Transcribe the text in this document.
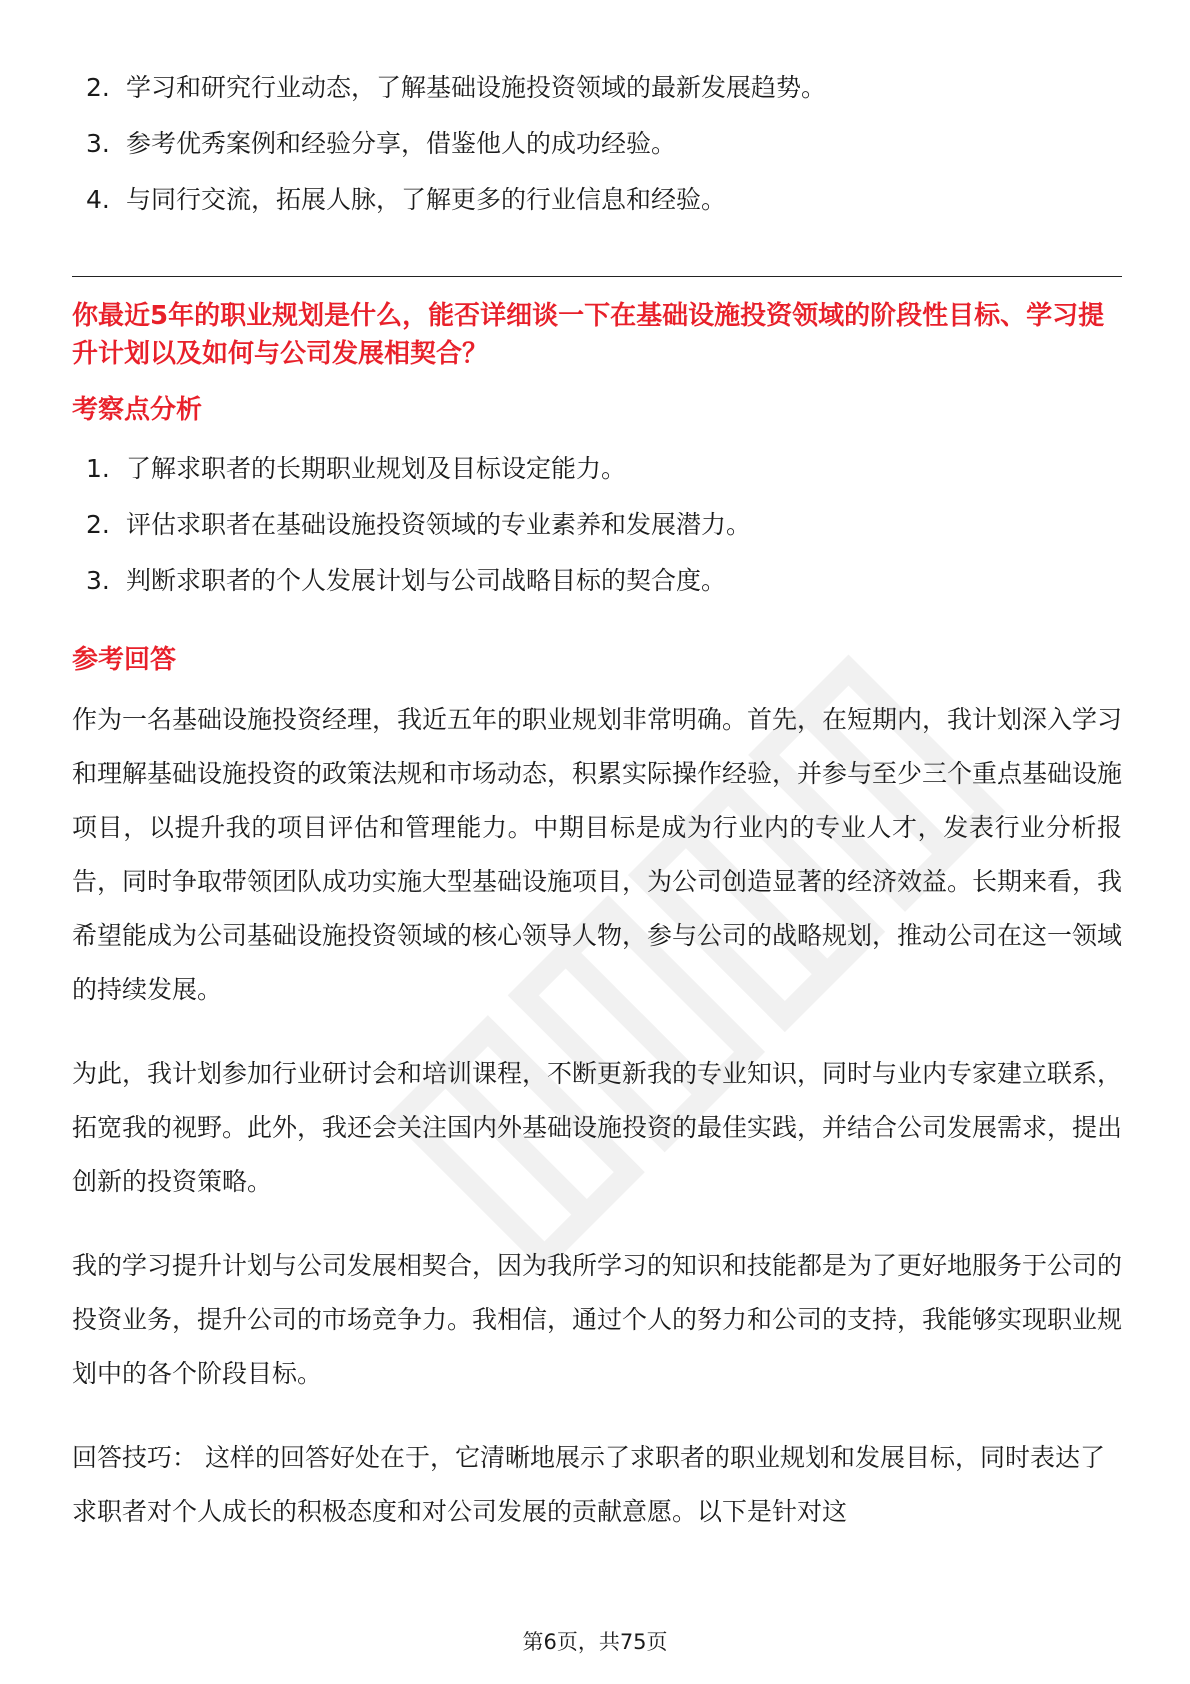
2. 学习和研究行业动态，了解基础设施投资领域的最新发展趋势。
3. 参考优秀案例和经验分享，借鉴他人的成功经验。
4. 与同行交流，拓展人脉，了解更多的行业信息和经验。
你最近5年的职业规划是什么，能否详细谈一下在基础设施投资领域的阶段性目标、学习提升计划以及如何与公司发展相契合？
考察点分析
1. 了解求职者的长期职业规划及目标设定能力。
2. 评估求职者在基础设施投资领域的专业素养和发展潜力。
3. 判断求职者的个人发展计划与公司战略目标的契合度。
参考回答

作为一名基础设施投资经理，我近五年的职业规划非常明确。首先，在短期内，我计划深入学习和理解基础设施投资的政策法规和市场动态，积累实际操作经验，并参与至少三个重点基础设施项目，以提升我的项目评估和管理能力。中期目标是成为行业内的专业人才，发表行业分析报告，同时争取带领团队成功实施大型基础设施项目，为公司创造显著的经济效益。长期来看，我希望能成为公司基础设施投资领域的核心领导人物，参与公司的战略规划，推动公司在这一领域的持续发展。

为此，我计划参加行业研讨会和培训课程，不断更新我的专业知识，同时与业内专家建立联系，拓宽我的视野。此外，我还会关注国内外基础设施投资的最佳实践，并结合公司发展需求，提出创新的投资策略。

我的学习提升计划与公司发展相契合，因为我所学习的知识和技能都是为了更好地服务于公司的投资业务，提升公司的市场竞争力。我相信，通过个人的努力和公司的支持，我能够实现职业规划中的各个阶段目标。

回答技巧： 这样的回答好处在于，它清晰地展示了求职者的职业规划和发展目标，同时表达了求职者对个人成长的积极态度和对公司发展的贡献意愿。以下是针对这

第6页，共75页
